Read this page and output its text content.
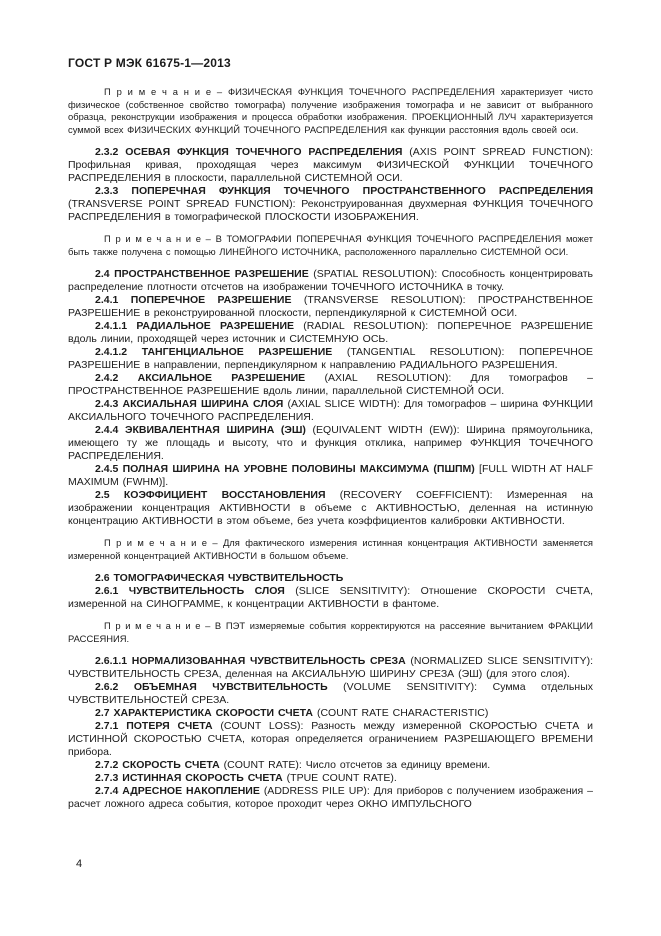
ГОСТ Р МЭК 61675-1—2013

П р и м е ч а н и е – ФИЗИЧЕСКАЯ ФУНКЦИЯ ТОЧЕЧНОГО РАСПРЕДЕЛЕНИЯ характеризует чисто физическое (собственное свойство томографа) получение изображения томографа и не зависит от выбранного образца, реконструкции изображения и процесса обработки изображения. ПРОЕКЦИОННЫЙ ЛУЧ характеризуется суммой всех ФИЗИЧЕСКИХ ФУНКЦИЙ ТОЧЕЧНОГО РАСПРЕДЕЛЕНИЯ как функции расстояния вдоль своей оси.

2.3.2 ОСЕВАЯ ФУНКЦИЯ ТОЧЕЧНОГО РАСПРЕДЕЛЕНИЯ (AXIS POINT SPREAD FUNCTION): Профильная кривая, проходящая через максимум ФИЗИЧЕСКОЙ ФУНКЦИИ ТОЧЕЧНОГО РАСПРЕДЕЛЕНИЯ в плоскости, параллельной СИСТЕМНОЙ ОСИ.

2.3.3 ПОПЕРЕЧНАЯ ФУНКЦИЯ ТОЧЕЧНОГО ПРОСТРАНСТВЕННОГО РАСПРЕДЕЛЕНИЯ (TRANSVERSE POINT SPREAD FUNCTION): Реконструированная двухмерная ФУНКЦИЯ ТОЧЕЧНОГО РАСПРЕДЕЛЕНИЯ в томографической ПЛОСКОСТИ ИЗОБРАЖЕНИЯ.

П р и м е ч а н и е – В ТОМОГРАФИИ ПОПЕРЕЧНАЯ ФУНКЦИЯ ТОЧЕЧНОГО РАСПРЕДЕЛЕНИЯ может быть также получена с помощью ЛИНЕЙНОГО ИСТОЧНИКА, расположенного параллельно СИСТЕМНОЙ ОСИ.

2.4 ПРОСТРАНСТВЕННОЕ РАЗРЕШЕНИЕ (SPATIAL RESOLUTION): Способность концентрировать распределение плотности отсчетов на изображении ТОЧЕЧНОГО ИСТОЧНИКА в точку.

2.4.1 ПОПЕРЕЧНОЕ РАЗРЕШЕНИЕ (TRANSVERSE RESOLUTION): ПРОСТРАНСТВЕННОЕ РАЗРЕШЕНИЕ в реконструированной плоскости, перпендикулярной к СИСТЕМНОЙ ОСИ.

2.4.1.1 РАДИАЛЬНОЕ РАЗРЕШЕНИЕ (RADIAL RESOLUTION): ПОПЕРЕЧНОЕ РАЗРЕШЕНИЕ вдоль линии, проходящей через источник и СИСТЕМНУЮ ОСЬ.

2.4.1.2 ТАНГЕНЦИАЛЬНОЕ РАЗРЕШЕНИЕ (TANGENTIAL RESOLUTION): ПОПЕРЕЧНОЕ РАЗРЕШЕНИЕ в направлении, перпендикулярном к направлению РАДИАЛЬНОГО РАЗРЕШЕНИЯ.

2.4.2 АКСИАЛЬНОЕ РАЗРЕШЕНИЕ (AXIAL RESOLUTION): Для томографов – ПРОСТРАНСТВЕННОЕ РАЗРЕШЕНИЕ вдоль линии, параллельной СИСТЕМНОЙ ОСИ.

2.4.3 АКСИАЛЬНАЯ ШИРИНА СЛОЯ (AXIAL SLICE WIDTH): Для томографов – ширина ФУНКЦИИ АКСИАЛЬНОГО ТОЧЕЧНОГО РАСПРЕДЕЛЕНИЯ.

2.4.4 ЭКВИВАЛЕНТНАЯ ШИРИНА (ЭШ) (EQUIVALENT WIDTH (EW)): Ширина прямоугольника, имеющего ту же площадь и высоту, что и функция отклика, например ФУНКЦИЯ ТОЧЕЧНОГО РАСПРЕДЕЛЕНИЯ.

2.4.5 ПОЛНАЯ ШИРИНА НА УРОВНЕ ПОЛОВИНЫ МАКСИМУМА (ПШПМ) [FULL WIDTH AT HALF MAXIMUM (FWHM)].

2.5 КОЭФФИЦИЕНТ ВОССТАНОВЛЕНИЯ (RECOVERY COEFFICIENT): Измеренная на изображении концентрация АКТИВНОСТИ в объеме с АКТИВНОСТЬЮ, деленная на истинную концентрацию АКТИВНОСТИ в этом объеме, без учета коэффициентов калибровки АКТИВНОСТИ.

П р и м е ч а н и е – Для фактического измерения истинная концентрация АКТИВНОСТИ заменяется измеренной концентрацией АКТИВНОСТИ в большом объеме.

2.6 ТОМОГРАФИЧЕСКАЯ ЧУВСТВИТЕЛЬНОСТЬ

2.6.1 ЧУВСТВИТЕЛЬНОСТЬ СЛОЯ (SLICE SENSITIVITY): Отношение СКОРОСТИ СЧЕТА, измеренной на СИНОГРАММЕ, к концентрации АКТИВНОСТИ в фантоме.

П р и м е ч а н и е – В ПЭТ измеряемые события корректируются на рассеяние вычитанием ФРАКЦИИ РАССЕЯНИЯ.

2.6.1.1 НОРМАЛИЗОВАННАЯ ЧУВСТВИТЕЛЬНОСТЬ СРЕЗА (NORMALIZED SLICE SENSITIVITY): ЧУВСТВИТЕЛЬНОСТЬ СРЕЗА, деленная на АКСИАЛЬНУЮ ШИРИНУ СРЕЗА (ЭШ) (для этого слоя).

2.6.2 ОБЪЕМНАЯ ЧУВСТВИТЕЛЬНОСТЬ (VOLUME SENSITIVITY): Сумма отдельных ЧУВСТВИТЕЛЬНОСТЕЙ СРЕЗА.

2.7 ХАРАКТЕРИСТИКА СКОРОСТИ СЧЕТА (COUNT RATE CHARACTERISTIC)

2.7.1 ПОТЕРЯ СЧЕТА (COUNT LOSS): Разность между измеренной СКОРОСТЬЮ СЧЕТА и ИСТИННОЙ СКОРОСТЬЮ СЧЕТА, которая определяется ограничением РАЗРЕШАЮЩЕГО ВРЕМЕНИ прибора.

2.7.2 СКОРОСТЬ СЧЕТА (COUNT RATE): Число отсчетов за единицу времени.

2.7.3 ИСТИННАЯ СКОРОСТЬ СЧЕТА (TPUE COUNT RATE).

2.7.4 АДРЕСНОЕ НАКОПЛЕНИЕ (ADDRESS PILE UP): Для приборов с получением изображения – расчет ложного адреса события, которое проходит через ОКНО ИМПУЛЬСНОГО

4
